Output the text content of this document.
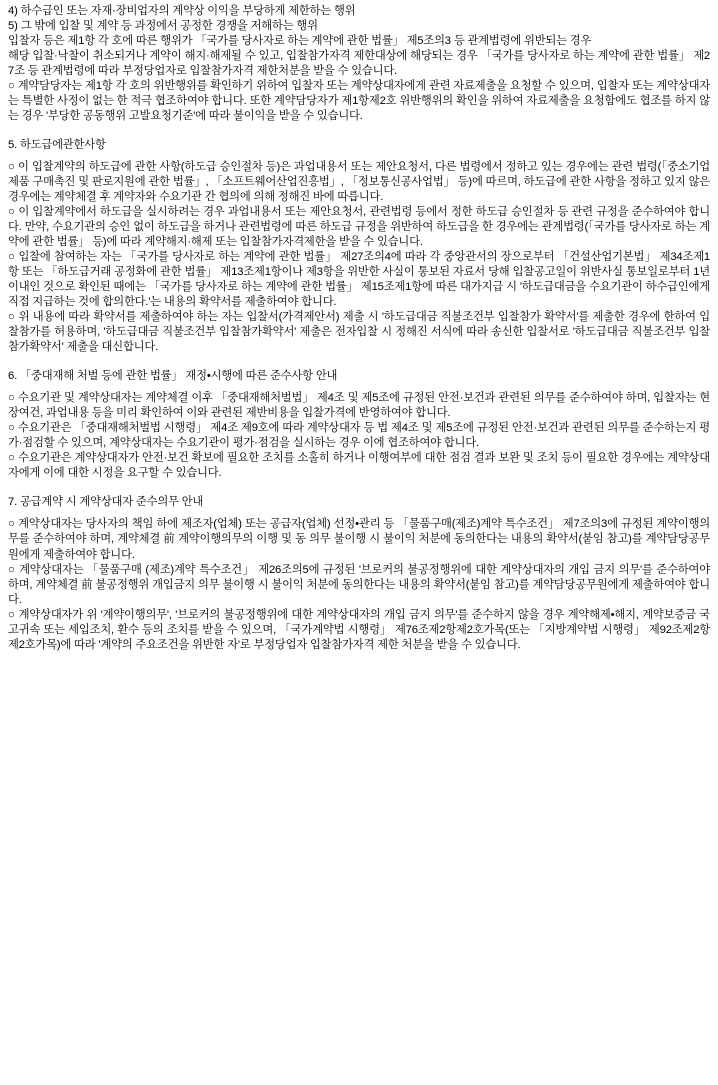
4) 하수급인 또는 자재·장비업자의 계약상 이익을 부당하게 제한하는 행위

5) 그 밖에 입찰 및 계약 등 과정에서 공정한 경쟁을 저해하는 행위

입찰자 등은 제1항 각 호에 따른 행위가 「국가를 당사자로 하는 계약에 관한 법률」 제5조의3 등 관계법령에 위반되는 경우

해당 입찰·낙찰이 취소되거나 계약이 해지·해제될 수 있고, 입찰참가자격 제한대상에 해당되는 경우 「국가를 당사자로 하는 계약에 관한 법률」 제27조 등 관계법령에 따라 부정당업자로 입찰참가자격 제한처분을 받을 수 있습니다.

○ 계약담당자는 제1항 각 호의 위반행위를 확인하기 위하여 입찰자 또는 계약상대자에게 관련 자료제출을 요청할 수 있으며, 입찰자 또는 계약상대자는 특별한 사정이 없는 한 적극 협조하여야 합니다. 또한 계약담당자가 제1항제2호 위반행위의 확인을 위하여 자료제출을 요청함에도 협조를 하지 않는 경우 '부당한 공동행위 고발요청기준'에 따라 불이익을 받을 수 있습니다.

5. 하도급에관한사항

○ 이 입찰계약의 하도급에 관한 사항(하도급 승인절차 등)은 과업내용서 또는 제안요청서, 다른 법령에서 정하고 있는 경우에는 관련 법령(「중소기업제품 구매촉진 및 판로지원에 관한 법률」, 「소프트웨어산업진흥법」, 「정보통신공사업법」 등)에 따르며, 하도급에 관한 사항을 정하고 있지 않은 경우에는 계약체결 후 계약자와 수요기관 간 협의에 의해 정해진 바에 따릅니다.

○ 이 입찰계약에서 하도급을 실시하려는 경우 과업내용서 또는 제안요청서, 관련법령 등에서 정한 하도급 승인절차 등 관련 규정을 준수하여야 합니다. 만약, 수요기관의 승인 없이 하도급을 하거나 관련법령에 따른 하도급 규정을 위반하여 하도급을 한 경우에는 관계법령(「국가를 당사자로 하는 계약에 관한 법률」 등)에 따라 계약해지·해제 또는 입찰참가자격제한을 받을 수 있습니다.

○ 입찰에 참여하는 자는 「국가를 당사자로 하는 계약에 관한 법률」 제27조의4에 따라 각 중앙관서의 장으로부터 「건설산업기본법」 제34조제1항 또는 「하도급거래 공정화에 관한 법률」 제13조제1항이나 제3항을 위반한 사실이 통보된 자료서 당해 입찰공고일이 위반사실 통보일로부터 1년 이내인 것으로 확인된 때에는 「국가를 당사자로 하는 계약에 관한 법률」 제15조제1항에 따른 대가지급 시 '하도급대금을 수요기관이 하수급인에게 직접 지급하는 것에 합의한다.'는 내용의 확약서를 제출하여야 합니다.

○ 위 내용에 따라 확약서를 제출하여야 하는 자는 입찰서(가격제안서) 제출 시 '하도급대금 직불조건부 입찰참가 확약서'를 제출한 경우에 한하여 입찰참가를 허용하며, '하도급대금 직불조건부 입찰참가확약서' 제출은 전자입찰 시 정해진 서식에 따라 송신한 입찰서로 '하도급대금 직불조건부 입찰참가확약서' 제출을 대신합니다.

6. 「중대재해 처벌 등에 관한 법률」 재정•시행에 따른 준수사항 안내

○ 수요기관 및 계약상대자는 계약체결 이후 「중대재해처벌법」 제4조 및 제5조에 규정된 안전·보건과 관련된 의무를 준수하여야 하며, 입찰자는 현장여건, 과업내용 등을 미리 확인하여 이와 관련된 제반비용을 입찰가격에 반영하여야 합니다.

○ 수요기관은 「중대재해처벌법 시행령」 제4조 제9호에 따라 계약상대자 등 법 제4조 및 제5조에 규정된 안전·보건과 관련된 의무를 준수하는지 평가·점검할 수 있으며, 계약상대자는 수요기관이 평가·점검을 실시하는 경우 이에 협조하여야 합니다.

○ 수요기관은 계약상대자가 안전·보건 확보에 필요한 조치를 소홀히 하거나 이행여부에 대한 점검 결과 보완 및 조치 등이 필요한 경우에는 계약상대자에게 이에 대한 시정을 요구할 수 있습니다.

7. 공급계약 시 계약상대자 준수의무 안내

○ 계약상대자는 당사자의 책임 하에 제조자(업체) 또는 공급자(업체) 선정•관리 등 「물품구매(제조)계약 특수조건」 제7조의3에 규정된 계약이행의무를 준수하여야 하며, 계약체결 前 계약이행의무의 이행 및 동 의무 불이행 시 불이익 처분에 동의한다는 내용의 확약서(붙임 참고)를 계약담당공무원에게 제출하여야 합니다.

○ 계약상대자는 「물품구매 (제조)계약 특수조건」 제26조의5에 규정된 '브로커의 불공정행위에 대한 계약상대자의 개입 금지 의무'를 준수하여야 하며, 계약체결 前 불공정행위 개입금지 의무 불이행 시 불이익 처분에 동의한다는 내용의 확약서(붙임 참고)를 계약담당공무원에게 제출하여야 합니다.

○ 계약상대자가 위 '계약이행의무', '브로커의 불공정행위에 대한 계약상대자의 개입 금지 의무'를 준수하지 않을 경우 계약해제•해지, 계약보증금 국고귀속 또는 세입조치, 환수 등의 조치를 받을 수 있으며, 「국가계약법 시행령」 제76조제2항제2호가목(또는 「지방계약법 시행령」 제92조제2항제2호가목)에 따라 '계약의 주요조건을 위반한 자'로 부정당업자 입찰참가자격 제한 처분을 받을 수 있습니다.
